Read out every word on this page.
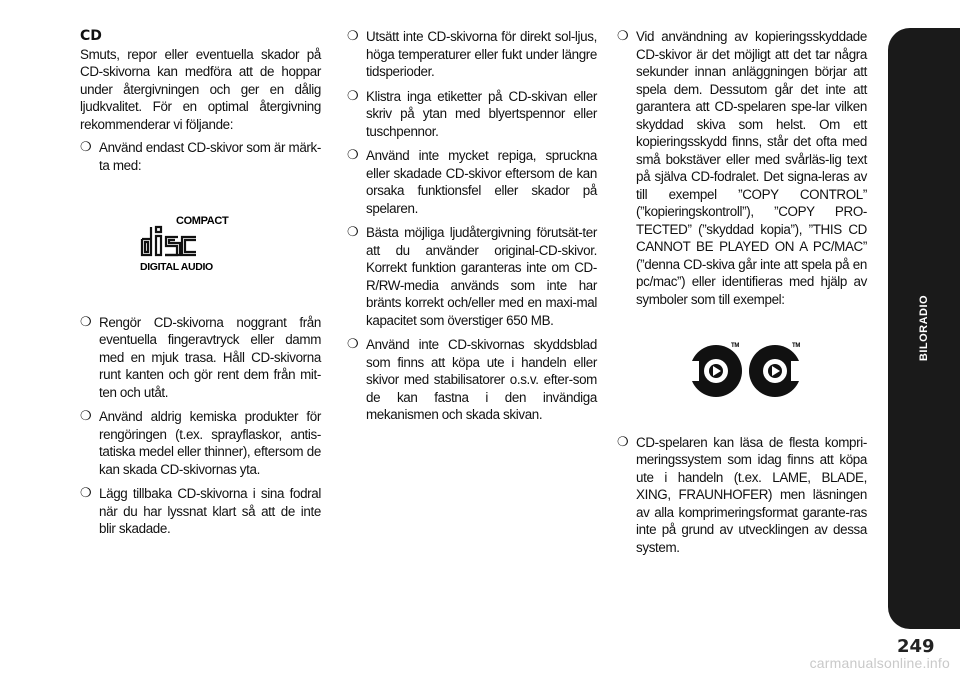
CD

Smuts, repor eller eventuella skador på CD-skivorna kan medföra att de hoppar under återgivningen och ger en dålig ljudkvalitet. För en optimal återgivning rekommenderar vi följande:

❍ Använd endast CD-skivor som är märk-ta med:
COMPACT
DIGITAL AUDIO
❍ Rengör CD-skivorna noggrant från eventuella fingeravtryck eller damm med en mjuk trasa. Håll CD-skivorna runt kanten och gör rent dem från mit-ten och utåt.
❍ Använd aldrig kemiska produkter för rengöringen (t.ex. sprayflaskor, antis-tatiska medel eller thinner), eftersom de kan skada CD-skivornas yta.
❍ Lägg tillbaka CD-skivorna i sina fodral när du har lyssnat klart så att de inte blir skadade.
❍ Utsätt inte CD-skivorna för direkt sol-ljus, höga temperaturer eller fukt under längre tidsperioder.
❍ Klistra inga etiketter på CD-skivan eller skriv på ytan med blyertspennor eller tuschpennor.
❍ Använd inte mycket repiga, spruckna eller skadade CD-skivor eftersom de kan orsaka funktionsfel eller skador på spelaren.
❍ Bästa möjliga ljudåtergivning förutsät-ter att du använder original-CD-skivor. Korrekt funktion garanteras inte om CD-R/RW-media används som inte har bränts korrekt och/eller med en maxi-mal kapacitet som överstiger 650 MB.
❍ Använd inte CD-skivornas skyddsblad som finns att köpa ute i handeln eller skivor med stabilisatorer o.s.v. efter-som de kan fastna i den invändiga mekanismen och skada skivan.
❍ Vid användning av kopieringsskyddade CD-skivor är det möjligt att det tar några sekunder innan anläggningen börjar att spela dem. Dessutom går det inte att garantera att CD-spelaren spe-lar vilken skyddad skiva som helst. Om ett kopieringsskydd finns, står det ofta med små bokstäver eller med svårläs-lig text på själva CD-fodralet. Det signa-leras av till exempel ”COPY CONTROL” (”kopieringskontroll”), ”COPY PRO-TECTED” (”skyddad kopia”), ”THIS CD CANNOT BE PLAYED ON A PC/MAC” (”denna CD-skiva går inte att spela på en pc/mac”) eller identifieras med hjälp av symboler som till exempel:
TM	TM
❍ CD-spelaren kan läsa de flesta kompri-meringssystem som idag finns att köpa ute i handeln (t.ex. LAME, BLADE, XING, FRAUNHOFER) men läsningen av alla komprimeringsformat garante-ras inte på grund av utvecklingen av dessa system.
BILORADIO
249
carmanualsonline.info
